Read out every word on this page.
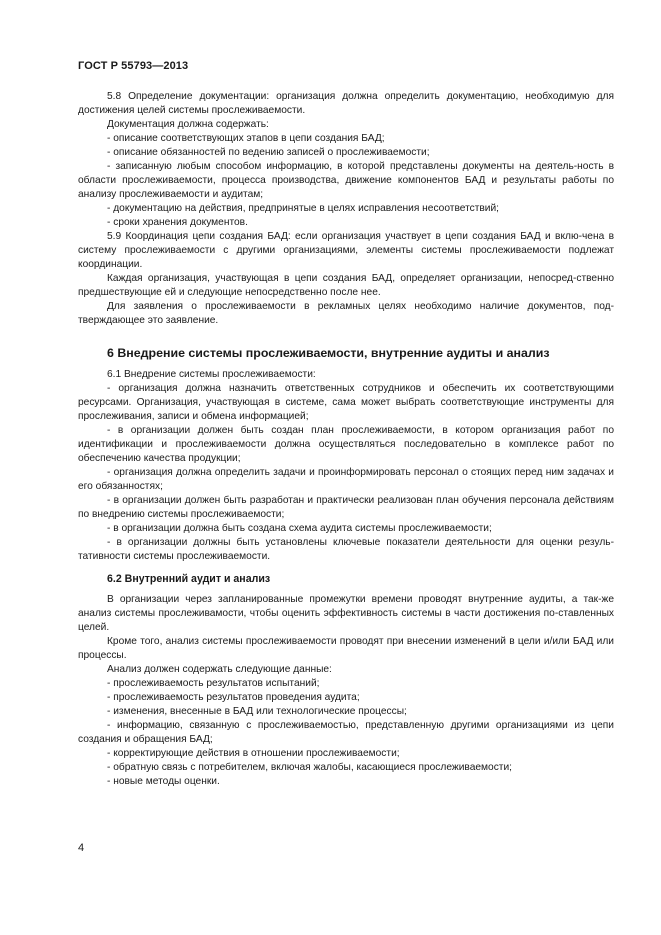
ГОСТ Р 55793—2013

5.8 Определение документации: организация должна определить документацию, необходимую для достижения целей системы прослеживаемости.

Документация должна содержать:

- описание соответствующих этапов в цепи создания БАД;

- описание обязанностей по ведению записей о прослеживаемости;

- записанную любым способом информацию, в которой представлены документы на деятель-ность в области прослеживаемости, процесса производства, движение компонентов БАД и результаты работы по анализу прослеживаемости и аудитам;

- документацию на действия, предпринятые в целях исправления несоответствий;

- сроки хранения документов.

5.9 Координация цепи создания БАД: если организация участвует в цепи создания БАД и вклю-чена в систему прослеживаемости с другими организациями, элементы системы прослеживаемости подлежат координации.

Каждая организация, участвующая в цепи создания БАД, определяет организации, непосред-ственно предшествующие ей и следующие непосредственно после нее.

Для заявления о прослеживаемости в рекламных целях необходимо наличие документов, под-тверждающее это заявление.

6 Внедрение системы прослеживаемости, внутренние аудиты и анализ

6.1 Внедрение системы прослеживаемости:

- организация должна назначить ответственных сотрудников и обеспечить их соответствующими ресурсами. Организация, участвующая в системе, сама может выбрать соответствующие инструменты для прослеживания, записи и обмена информацией;

- в организации должен быть создан план прослеживаемости, в котором организация работ по идентификации и прослеживаемости должна осуществляться последовательно в комплексе работ по обеспечению качества продукции;

- организация должна определить задачи и проинформировать персонал о стоящих перед ним задачах и его обязанностях;

- в организации должен быть разработан и практически реализован план обучения персонала действиям по внедрению системы прослеживаемости;

- в организации должна быть создана схема аудита системы прослеживаемости;

- в организации должны быть установлены ключевые показатели деятельности для оценки резуль-тативности системы прослеживаемости.

6.2 Внутренний аудит и анализ

В организации через запланированные промежутки времени проводят внутренние аудиты, а так-же анализ системы прослеживамости, чтобы оценить эффективность системы в части достижения по-ставленных целей.

Кроме того, анализ системы прослеживаемости проводят при внесении изменений в цели и/или БАД или процессы.

Анализ должен содержать следующие данные:

- прослеживаемость результатов испытаний;

- прослеживаемость результатов проведения аудита;

- изменения, внесенные в БАД или технологические процессы;

- информацию, связанную с прослеживаемостью, представленную другими организациями из цепи создания и обращения БАД;

- корректирующие действия в отношении прослеживаемости;

- обратную связь с потребителем, включая жалобы, касающиеся прослеживаемости;

- новые методы оценки.

4
